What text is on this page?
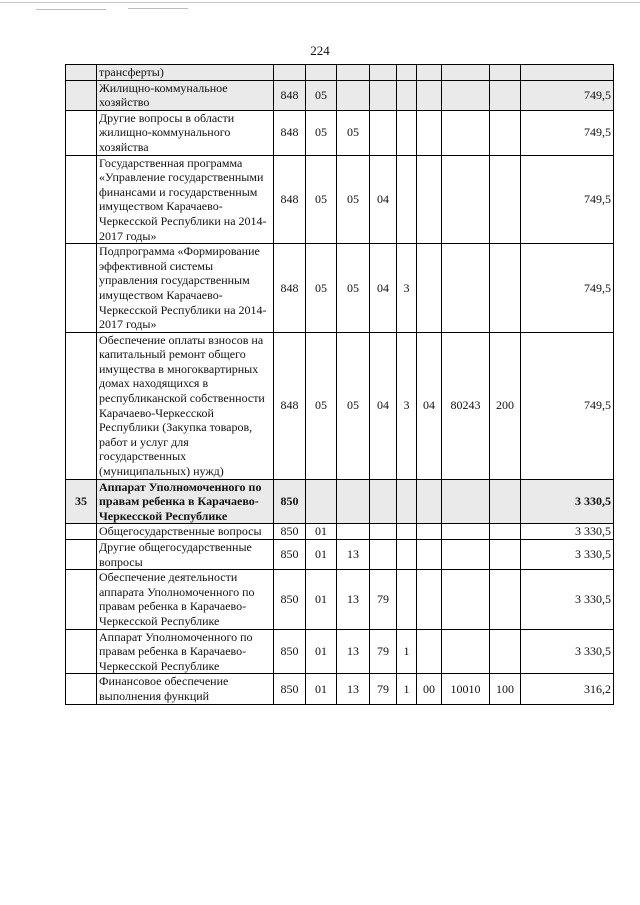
224
	трансферты)									
	Жилищно-коммунальное хозяйство	848	05							749,5
	Другие вопросы в области жилищно-коммунального хозяйства	848	05	05						749,5
	Государственная программа «Управление государственными финансами и государственным имуществом Карачаево-Черкесской Республики на 2014-2017 годы»	848	05	05	04					749,5
	Подпрограмма «Формирование эффективной системы управления государственным имуществом Карачаево-Черкесской Республики на 2014-2017 годы»	848	05	05	04	3				749,5
	Обеспечение оплаты взносов на капитальный ремонт общего имущества в многоквартирных домах находящихся в республиканской собственности Карачаево-Черкесской Республики (Закупка товаров, работ и услуг для государственных (муниципальных) нужд)	848	05	05	04	3	04	80243	200	749,5
35	Аппарат Уполномоченного по правам ребенка в Карачаево-Черкесской Республике	850								3 330,5
	Общегосударственные вопросы	850	01							3 330,5
	Другие общегосударственные вопросы	850	01	13						3 330,5
	Обеспечение деятельности аппарата Уполномоченного по правам ребенка в Карачаево-Черкесской Республике	850	01	13	79					3 330,5
	Аппарат Уполномоченного по правам ребенка в Карачаево-Черкесской Республике	850	01	13	79	1				3 330,5
	Финансовое обеспечение выполнения функций	850	01	13	79	1	00	10010	100	316,2
